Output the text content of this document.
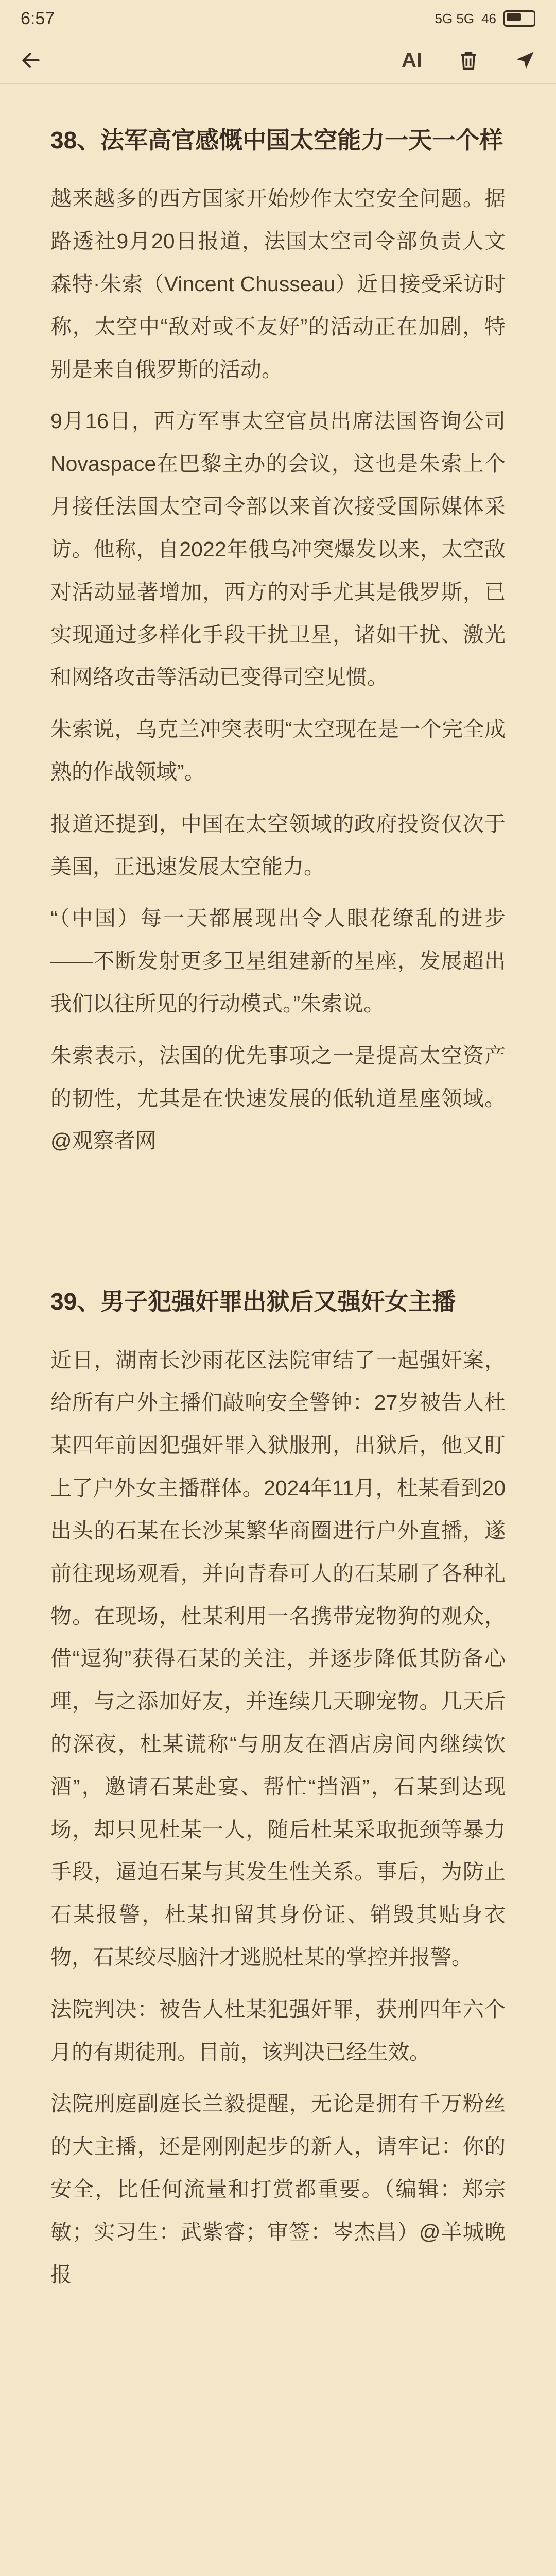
6:57	5G 5G 46
AI
38、法军高官感慨中国太空能力一天一个样

越来越多的西方国家开始炒作太空安全问题。据路透社9月20日报道，法国太空司令部负责人文森特·朱索（Vincent Chusseau）近日接受采访时称，太空中“敌对或不友好”的活动正在加剧，特别是来自俄罗斯的活动。

9月16日，西方军事太空官员出席法国咨询公司Novaspace在巴黎主办的会议，这也是朱索上个月接任法国太空司令部以来首次接受国际媒体采访。他称，自2022年俄乌冲突爆发以来，太空敌对活动显著增加，西方的对手尤其是俄罗斯，已实现通过多样化手段干扰卫星，诸如干扰、激光和网络攻击等活动已变得司空见惯。

朱索说，乌克兰冲突表明“太空现在是一个完全成熟的作战领域”。

报道还提到，中国在太空领域的政府投资仅次于美国，正迅速发展太空能力。

“（中国）每一天都展现出令人眼花缭乱的进步——不断发射更多卫星组建新的星座，发展超出我们以往所见的行动模式。”朱索说。

朱索表示，法国的优先事项之一是提高太空资产的韧性，尤其是在快速发展的低轨道星座领域。@观察者网

39、男子犯强奸罪出狱后又强奸女主播

近日，湖南长沙雨花区法院审结了一起强奸案，给所有户外主播们敲响安全警钟：27岁被告人杜某四年前因犯强奸罪入狱服刑，出狱后，他又盯上了户外女主播群体。2024年11月，杜某看到20出头的石某在长沙某繁华商圈进行户外直播，遂前往现场观看，并向青春可人的石某刷了各种礼物。在现场，杜某利用一名携带宠物狗的观众，借“逗狗”获得石某的关注，并逐步降低其防备心理，与之添加好友，并连续几天聊宠物。几天后的深夜，杜某谎称“与朋友在酒店房间内继续饮酒”，邀请石某赴宴、帮忙“挡酒”，石某到达现场，却只见杜某一人，随后杜某采取扼颈等暴力手段，逼迫石某与其发生性关系。事后，为防止石某报警，杜某扣留其身份证、销毁其贴身衣物，石某绞尽脑汁才逃脱杜某的掌控并报警。

法院判决：被告人杜某犯强奸罪，获刑四年六个月的有期徒刑。目前，该判决已经生效。

法院刑庭副庭长兰毅提醒，无论是拥有千万粉丝的大主播，还是刚刚起步的新人，请牢记：你的安全，比任何流量和打赏都重要。（编辑：郑宗敏；实习生：武紫睿；审签：岑杰昌）@羊城晚报
